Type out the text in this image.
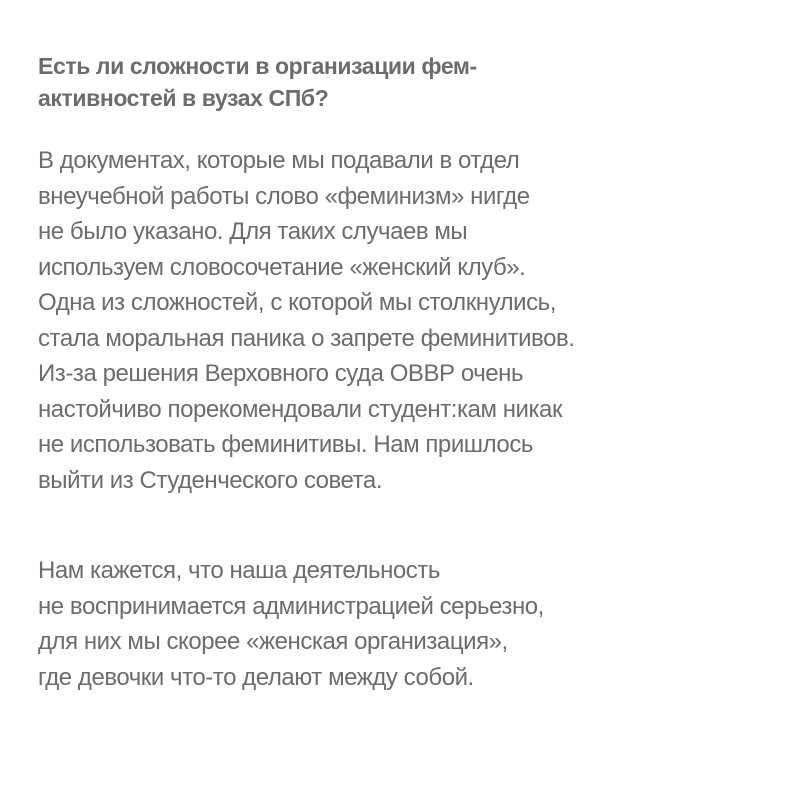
Есть ли сложности в организации фем-
активностей в вузах СПб?

В документах, которые мы подавали в отдел
внеучебной работы слово «феминизм» нигде
не было указано. Для таких случаев мы
используем словосочетание «женский клуб».
Одна из сложностей, с которой мы столкнулись,
стала моральная паника о запрете феминитивов.
Из-за решения Верховного суда ОВВР очень
настойчиво порекомендовали студент:кам никак
не использовать феминитивы. Нам пришлось
выйти из Студенческого совета.

Нам кажется, что наша деятельность
не воспринимается администрацией серьезно,
для них мы скорее «женская организация»,
где девочки что-то делают между собой.
